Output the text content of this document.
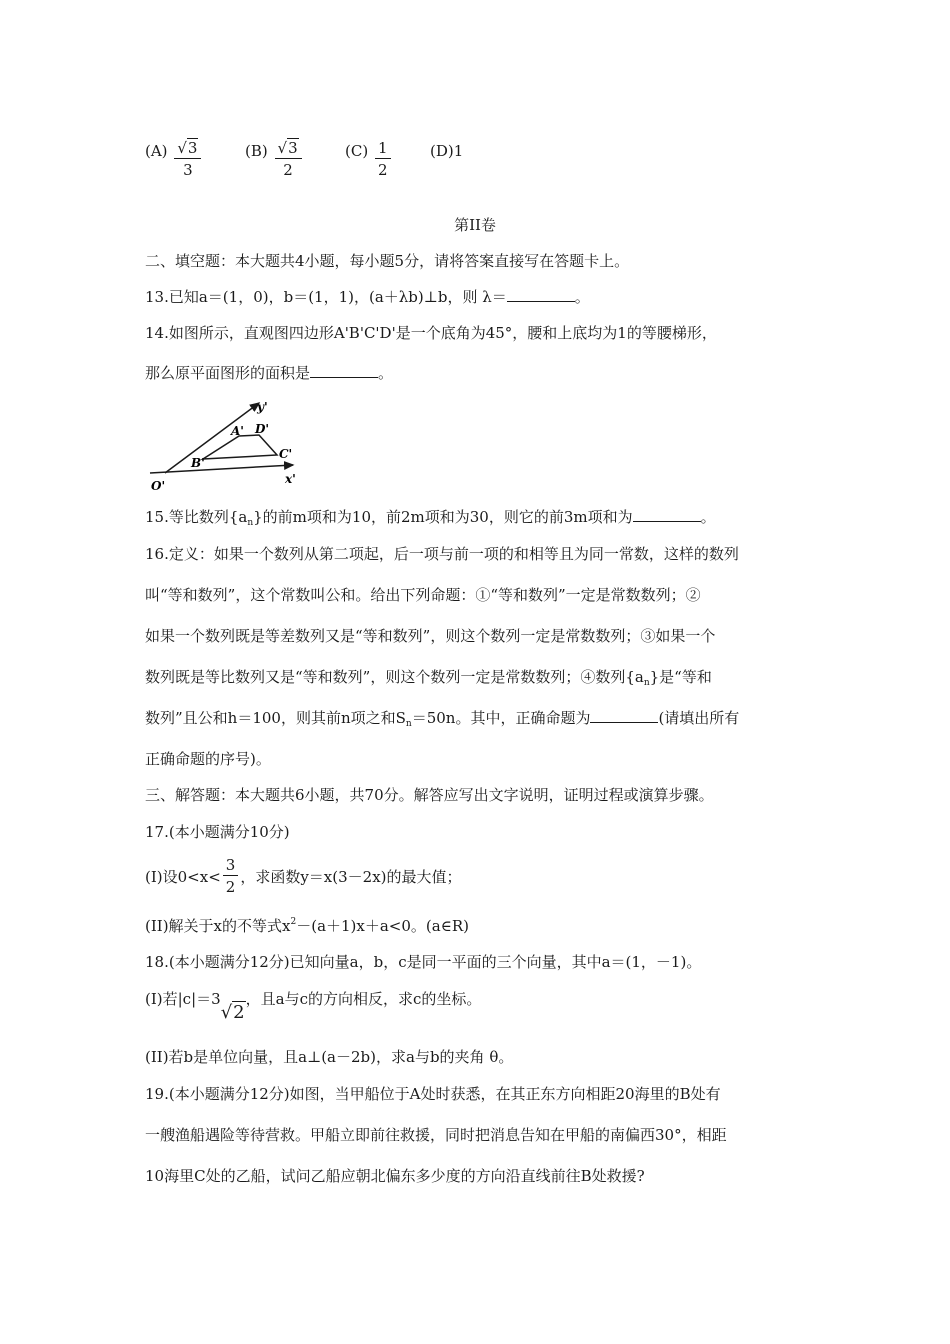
$(A) \frac{√3}{3}$	$(B) \frac{√3}{2}$	$(C) \frac{1}{2}$	(D)1
第II卷
二、填空题：本大题共4小题，每小题5分，请将答案直接写在答题卡上。
13.已知a＝(1，0)，b＝(1，1)，(a＋λb)⊥b，则 λ＝	。
14.如图所示，直观图四边形A'B'C'D'是一个底角为45°，腰和上底均为1的等腰梯形，
那么原平面图形的面积是	。
y'
A' D'
B'
C'
O'	x'
15.等比数列$\{a_n\}$的前m项和为10，前2m项和为30，则它的前3m项和为	。
16.定义：如果一个数列从第二项起，后一项与前一项的和相等且为同一常数，这样的数列
叫“等和数列”，这个常数叫公和。给出下列命题：①“等和数列”一定是常数数列；②
如果一个数列既是等差数列又是“等和数列”，则这个数列一定是常数数列；③如果一个
数列既是等比数列又是“等和数列”，则这个数列一定是常数数列；④数列$\{a_n\}$是“等和
数列”且公和h＝100，则其前n项之和$S_n=50n$。其中，正确命题为	(请填出所有
正确命题的序号)。
三、解答题：本大题共6小题，共70分。解答应写出文字说明，证明过程或演算步骤。
17.(本小题满分10分)
(I)设$0<x< \frac{3}{2}$ ，求函数y＝x(3－2x)的最大值；
(II)解关于x的不等式$x^2-(a+1)x+a<0$。(a∈R)
18.(本小题满分12分)已知向量a，b，c是同一平面的三个向量，其中a＝(1，－1)。
(I)若|c|＝3√2，且a与c的方向相反，求c的坐标。
(II)若b是单位向量，且a⊥(a－2b)，求a与b的夹角 θ。
19.(本小题满分12分)如图，当甲船位于A处时获悉，在其正东方向相距20海里的B处有
一艘渔船遇险等待营救。甲船立即前往救援，同时把消息告知在甲船的南偏西30°，相距
10海里C处的乙船，试问乙船应朝北偏东多少度的方向沿直线前往B处救援?
